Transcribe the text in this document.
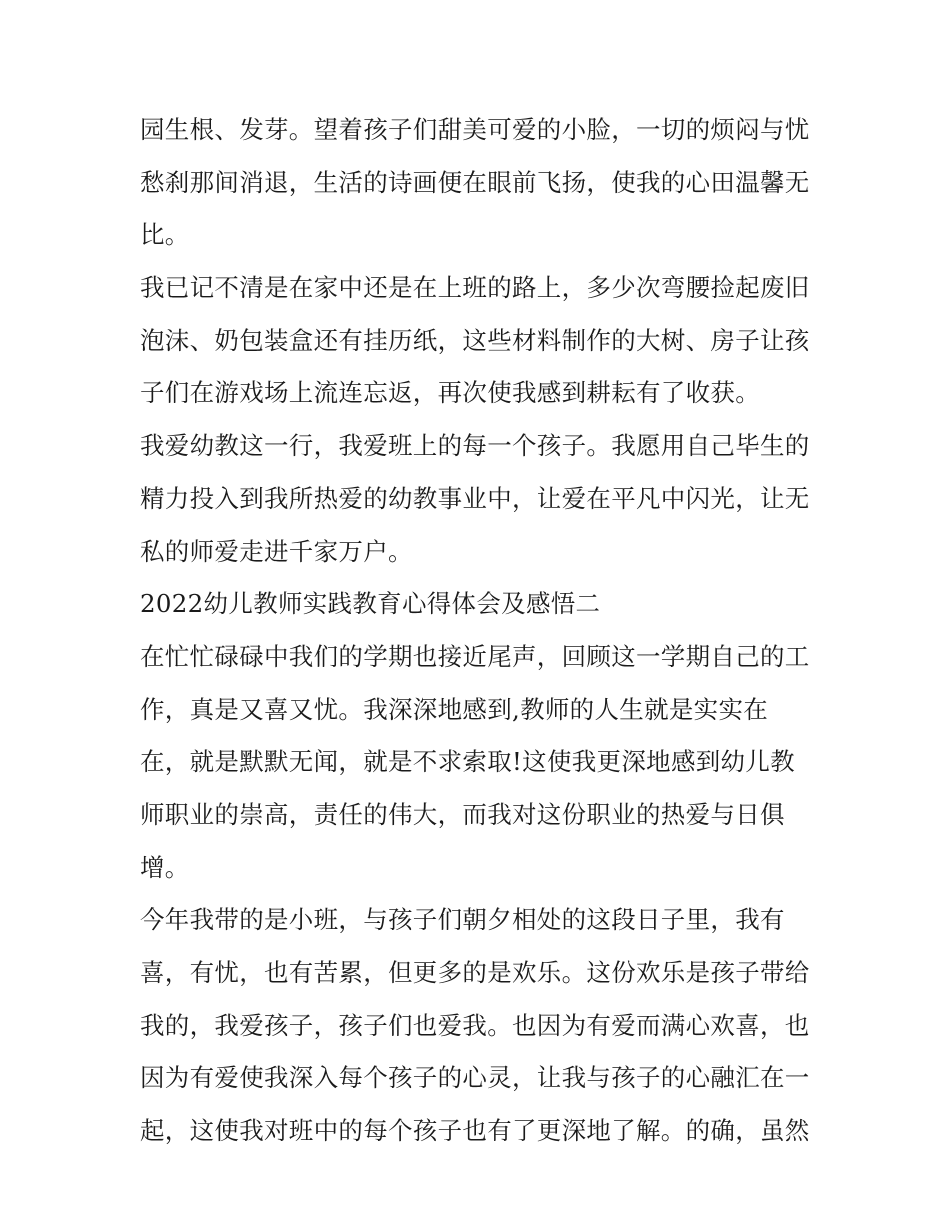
园生根、发芽。望着孩子们甜美可爱的小脸，一切的烦闷与忧
愁刹那间消退，生活的诗画便在眼前飞扬，使我的心田温馨无
比。
我已记不清是在家中还是在上班的路上，多少次弯腰捡起废旧
泡沫、奶包装盒还有挂历纸，这些材料制作的大树、房子让孩
子们在游戏场上流连忘返，再次使我感到耕耘有了收获。
我爱幼教这一行，我爱班上的每一个孩子。我愿用自己毕生的
精力投入到我所热爱的幼教事业中，让爱在平凡中闪光，让无
私的师爱走进千家万户。
2022幼儿教师实践教育心得体会及感悟二
在忙忙碌碌中我们的学期也接近尾声，回顾这一学期自己的工
作，真是又喜又忧。我深深地感到,教师的人生就是实实在
在，就是默默无闻，就是不求索取!这使我更深地感到幼儿教
师职业的崇高，责任的伟大，而我对这份职业的热爱与日俱
增。
今年我带的是小班，与孩子们朝夕相处的这段日子里，我有
喜，有忧，也有苦累，但更多的是欢乐。这份欢乐是孩子带给
我的，我爱孩子，孩子们也爱我。也因为有爱而满心欢喜，也
因为有爱使我深入每个孩子的心灵，让我与孩子的心融汇在一
起，这使我对班中的每个孩子也有了更深地了解。的确，虽然
